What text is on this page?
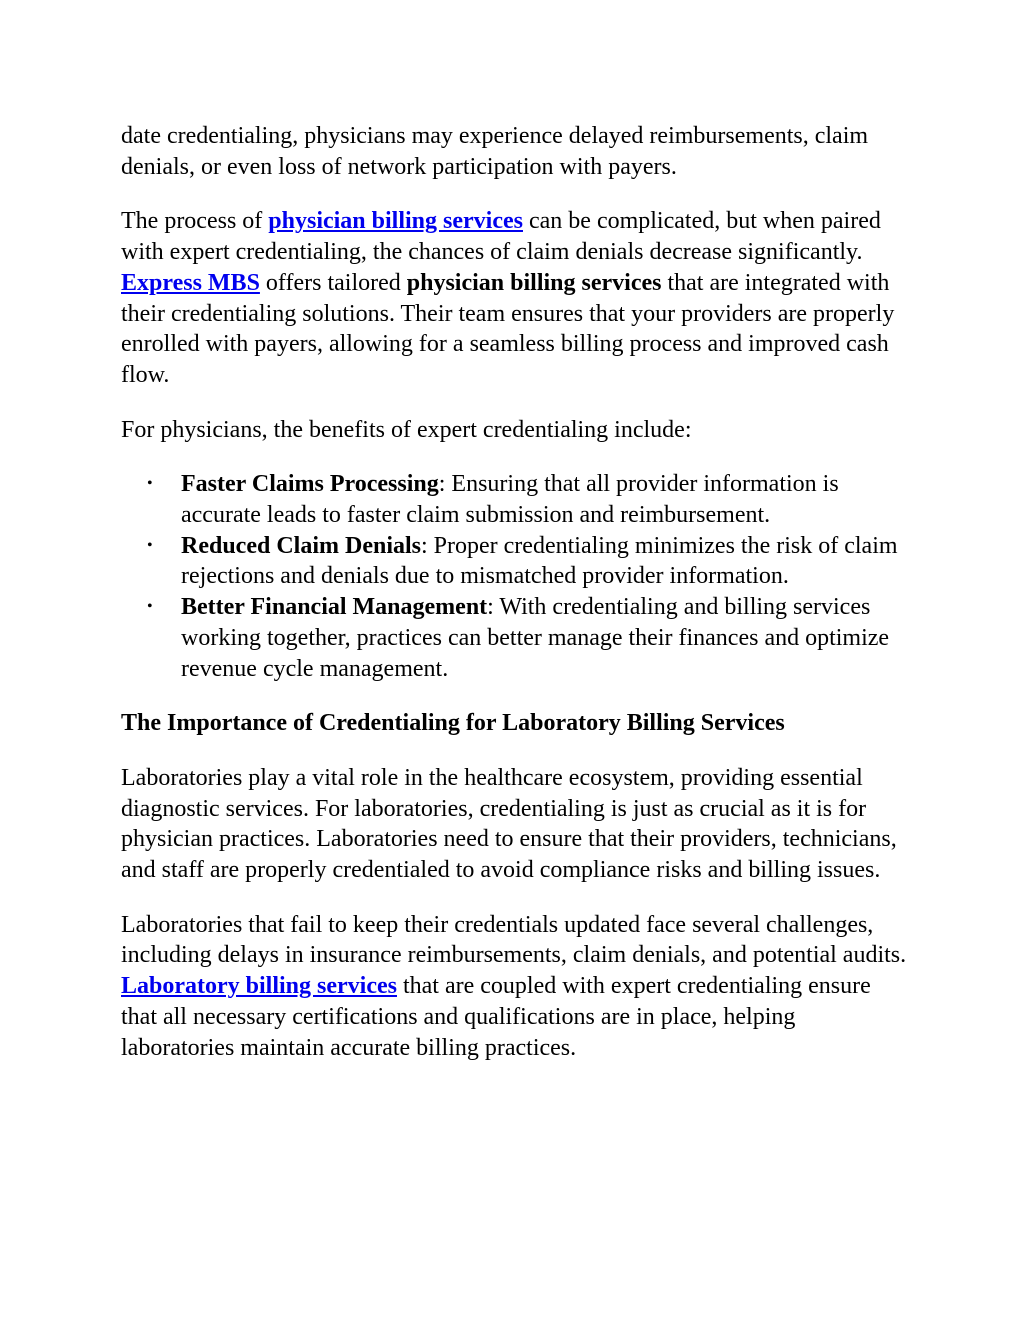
date credentialing, physicians may experience delayed reimbursements, claim denials, or even loss of network participation with payers.

The process of physician billing services can be complicated, but when paired with expert credentialing, the chances of claim denials decrease significantly. Express MBS offers tailored physician billing services that are integrated with their credentialing solutions. Their team ensures that your providers are properly enrolled with payers, allowing for a seamless billing process and improved cash flow.

For physicians, the benefits of expert credentialing include:

• Faster Claims Processing: Ensuring that all provider information is accurate leads to faster claim submission and reimbursement.
• Reduced Claim Denials: Proper credentialing minimizes the risk of claim rejections and denials due to mismatched provider information.
• Better Financial Management: With credentialing and billing services working together, practices can better manage their finances and optimize revenue cycle management.
The Importance of Credentialing for Laboratory Billing Services

Laboratories play a vital role in the healthcare ecosystem, providing essential diagnostic services. For laboratories, credentialing is just as crucial as it is for physician practices. Laboratories need to ensure that their providers, technicians, and staff are properly credentialed to avoid compliance risks and billing issues.

Laboratories that fail to keep their credentials updated face several challenges, including delays in insurance reimbursements, claim denials, and potential audits. Laboratory billing services that are coupled with expert credentialing ensure that all necessary certifications and qualifications are in place, helping laboratories maintain accurate billing practices.
